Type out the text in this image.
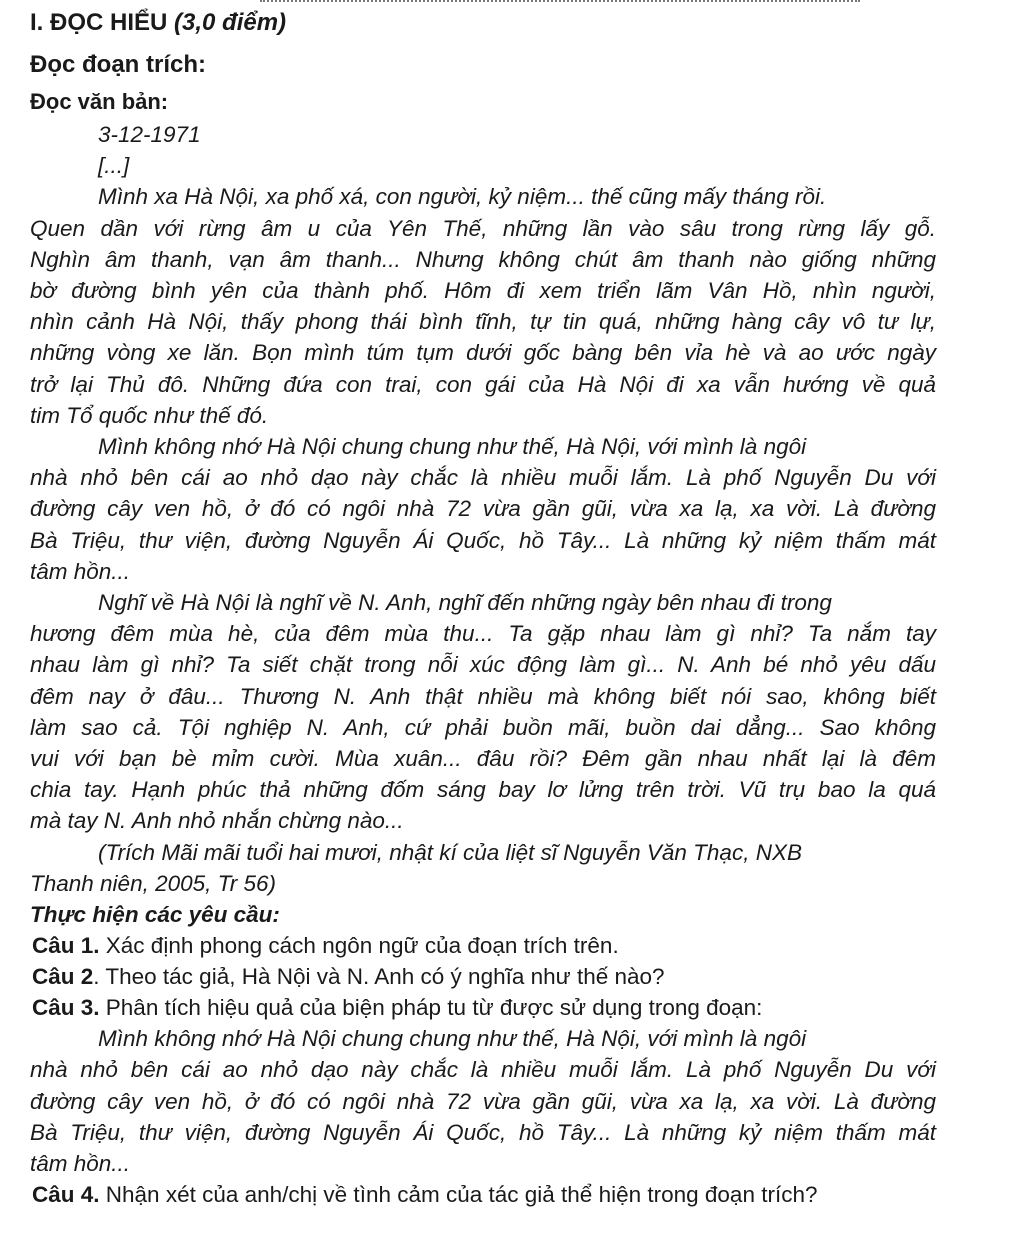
I. ĐỌC HIỂU (3,0 điểm)
Đọc đoạn trích:
Đọc văn bản:
3-12-1971
[...]
Mình xa Hà Nội, xa phố xá, con người, kỷ niệm... thế cũng mấy tháng rồi.
Quen dần với rừng âm u của Yên Thế, những lần vào sâu trong rừng lấy gỗ.
Nghìn âm thanh, vạn âm thanh... Nhưng không chút âm thanh nào giống những
bờ đường bình yên của thành phố. Hôm đi xem triển lãm Vân Hồ, nhìn người,
nhìn cảnh Hà Nội, thấy phong thái bình tĩnh, tự tin quá, những hàng cây vô tư lự,
những vòng xe lăn. Bọn mình túm tụm dưới gốc bàng bên vỉa hè và ao ước ngày
trở lại Thủ đô. Những đứa con trai, con gái của Hà Nội đi xa vẫn hướng về quả
tim Tổ quốc như thế đó.
Mình không nhớ Hà Nội chung chung như thế, Hà Nội, với mình là ngôi
nhà nhỏ bên cái ao nhỏ dạo này chắc là nhiều muỗi lắm. Là phố Nguyễn Du với
đường cây ven hồ, ở đó có ngôi nhà 72 vừa gần gũi, vừa xa lạ, xa vời. Là đường
Bà Triệu, thư viện, đường Nguyễn Ái Quốc, hồ Tây... Là những kỷ niệm thấm mát
tâm hồn...
Nghĩ về Hà Nội là nghĩ về N. Anh, nghĩ đến những ngày bên nhau đi trong
hương đêm mùa hè, của đêm mùa thu... Ta gặp nhau làm gì nhỉ? Ta nắm tay
nhau làm gì nhỉ? Ta siết chặt trong nỗi xúc động làm gì... N. Anh bé nhỏ yêu dấu
đêm nay ở đâu... Thương N. Anh thật nhiều mà không biết nói sao, không biết
làm sao cả. Tội nghiệp N. Anh, cứ phải buồn mãi, buồn dai dẳng... Sao không
vui với bạn bè mỉm cười. Mùa xuân... đâu rồi? Đêm gần nhau nhất lại là đêm
chia tay. Hạnh phúc thả những đốm sáng bay lơ lửng trên trời. Vũ trụ bao la quá
mà tay N. Anh nhỏ nhắn chừng nào...
(Trích Mãi mãi tuổi hai mươi, nhật kí của liệt sĩ Nguyễn Văn Thạc, NXB
Thanh niên, 2005, Tr 56)
Thực hiện các yêu cầu:
Câu 1. Xác định phong cách ngôn ngữ của đoạn trích trên.
Câu 2. Theo tác giả, Hà Nội và N. Anh có ý nghĩa như thế nào?
Câu 3. Phân tích hiệu quả của biện pháp tu từ được sử dụng trong đoạn:
Mình không nhớ Hà Nội chung chung như thế, Hà Nội, với mình là ngôi
nhà nhỏ bên cái ao nhỏ dạo này chắc là nhiều muỗi lắm. Là phố Nguyễn Du với
đường cây ven hồ, ở đó có ngôi nhà 72 vừa gần gũi, vừa xa lạ, xa vời. Là đường
Bà Triệu, thư viện, đường Nguyễn Ái Quốc, hồ Tây... Là những kỷ niệm thấm mát
tâm hồn...
Câu 4. Nhận xét của anh/chị về tình cảm của tác giả thể hiện trong đoạn trích?
